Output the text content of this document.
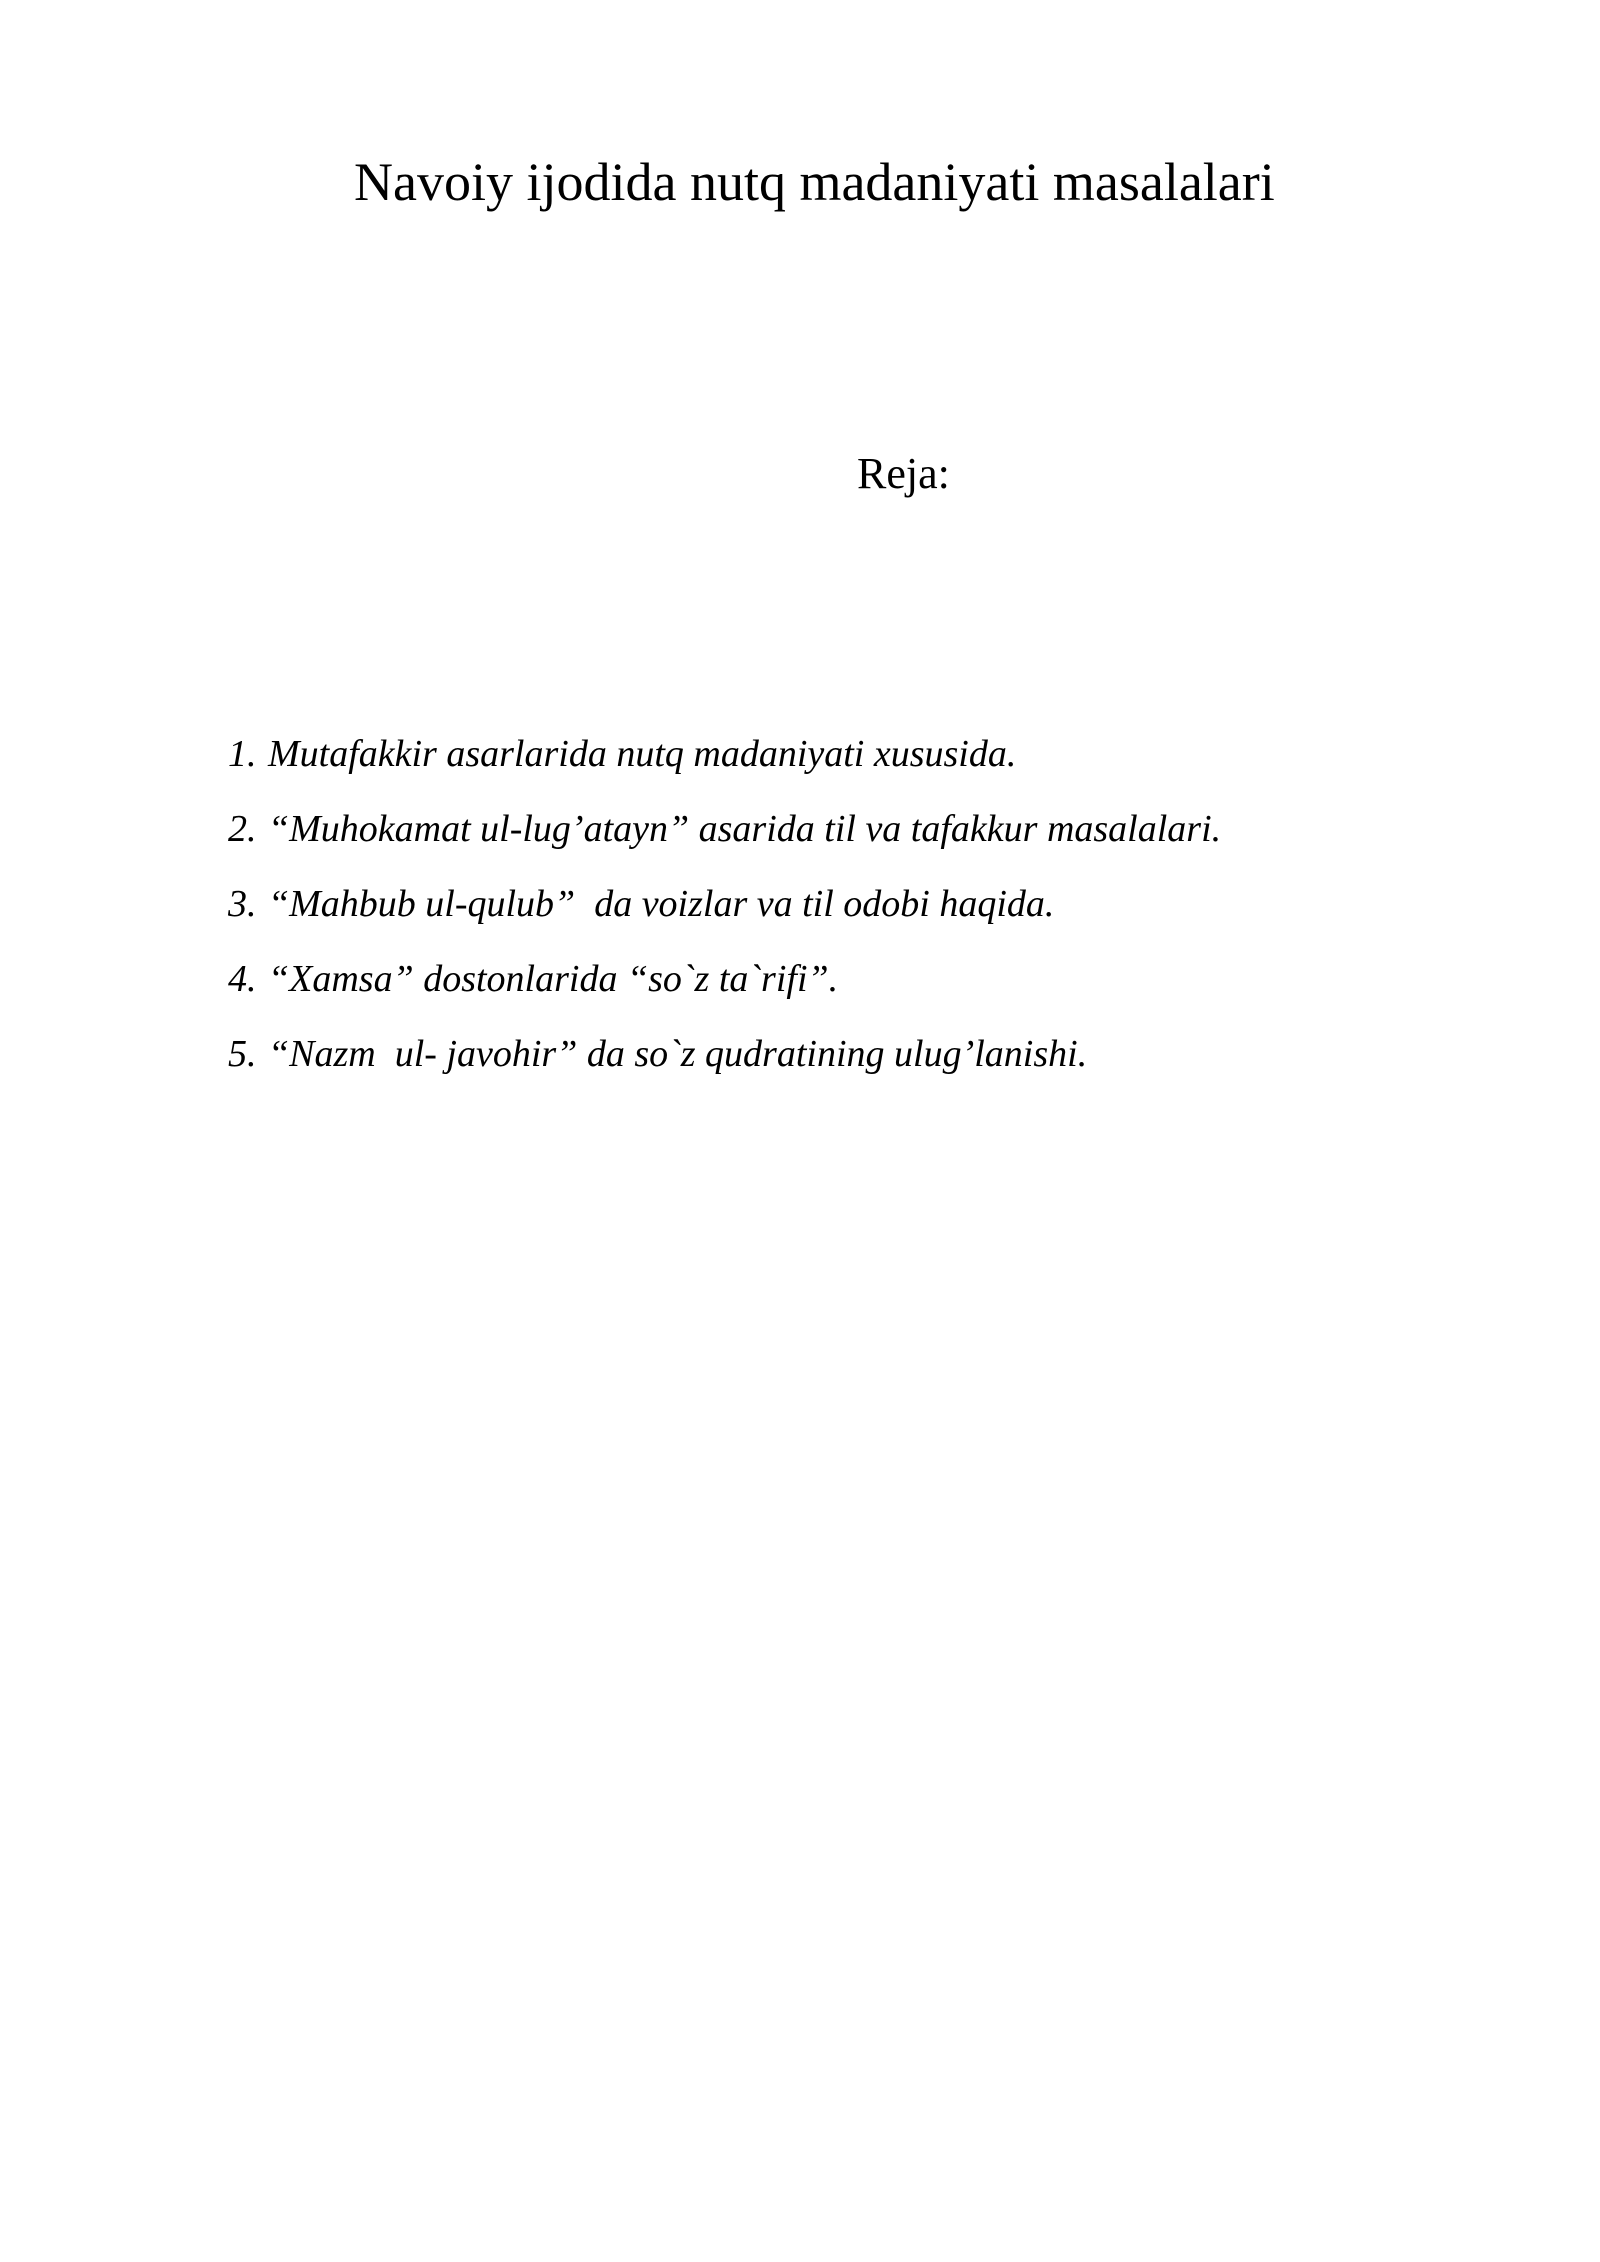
Navoiy ijodida nutq madaniyati masalalari
Reja:
1. Mutafakkir asarlarida nutq madaniyati xususida.
2. “Muhokamat ul-lug’atayn” asarida til va tafakkur masalalari.
3. “Mahbub ul-qulub”  da voizlar va til odobi haqida.
4. “Xamsa” dostonlarida “so`z ta`rifi”.
5. “Nazm  ul- javohir” da so`z qudratining ulug’lanishi.
